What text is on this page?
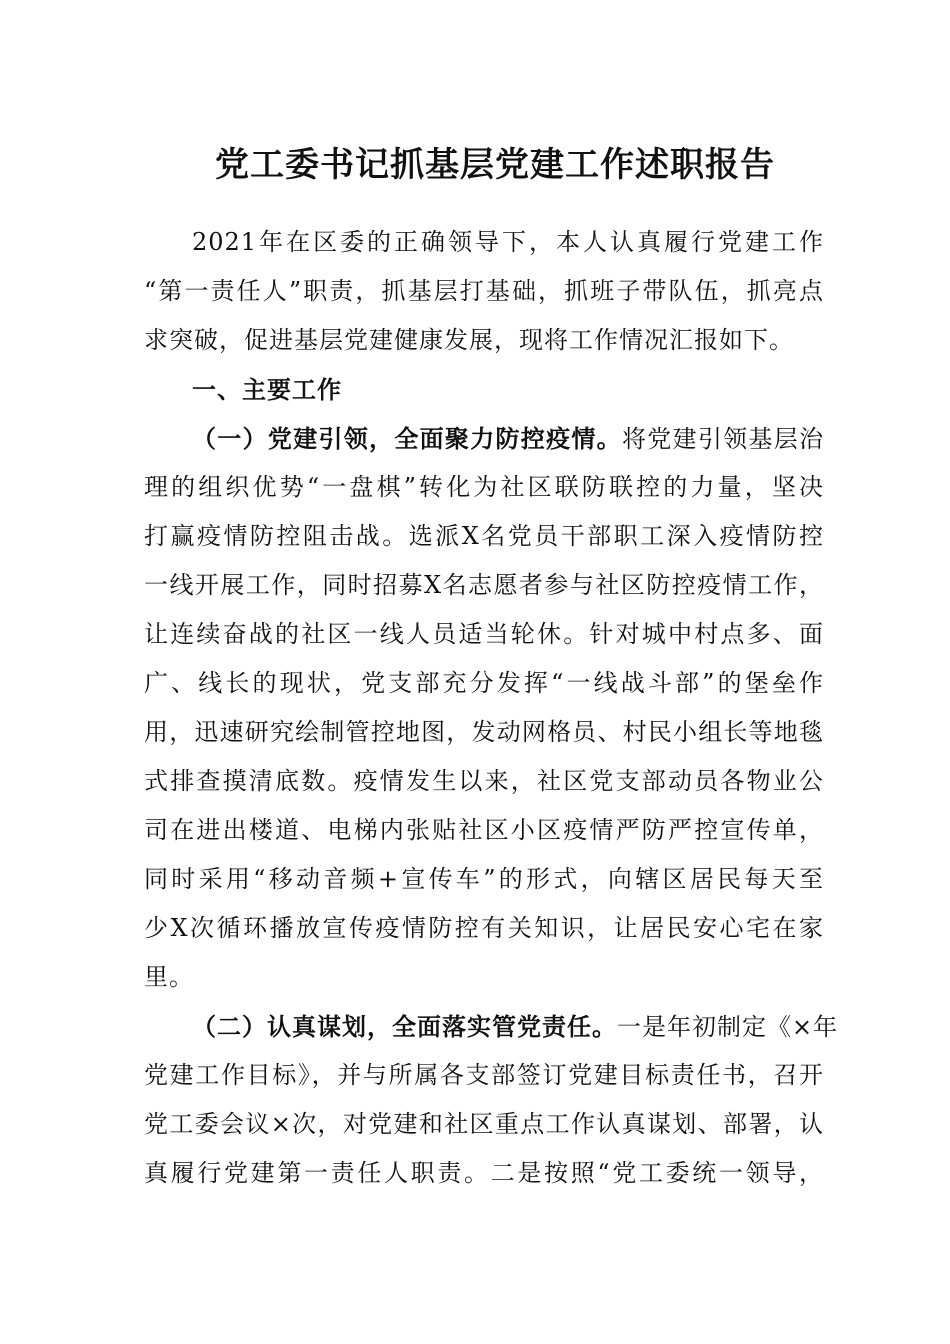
党工委书记抓基层党建工作述职报告
2021年在区委的正确领导下，本人认真履行党建工作
“第一责任人”职责，抓基层打基础，抓班子带队伍，抓亮点
求突破，促进基层党建健康发展，现将工作情况汇报如下。
一、主要工作
（一）党建引领，全面聚力防控疫情。将党建引领基层治
理的组织优势“一盘棋”转化为社区联防联控的力量，坚决
打赢疫情防控阻击战。选派X名党员干部职工深入疫情防控
一线开展工作，同时招募X名志愿者参与社区防控疫情工作，
让连续奋战的社区一线人员适当轮休。针对城中村点多、面
广、线长的现状，党支部充分发挥“一线战斗部”的堡垒作
用，迅速研究绘制管控地图，发动网格员、村民小组长等地毯
式排查摸清底数。疫情发生以来，社区党支部动员各物业公
司在进出楼道、电梯内张贴社区小区疫情严防严控宣传单，
同时采用“移动音频+宣传车”的形式，向辖区居民每天至
少X次循环播放宣传疫情防控有关知识，让居民安心宅在家
里。
（二）认真谋划，全面落实管党责任。一是年初制定《×年
党建工作目标》，并与所属各支部签订党建目标责任书，召开
党工委会议×次，对党建和社区重点工作认真谋划、部署，认
真履行党建第一责任人职责。二是按照“党工委统一领导，
